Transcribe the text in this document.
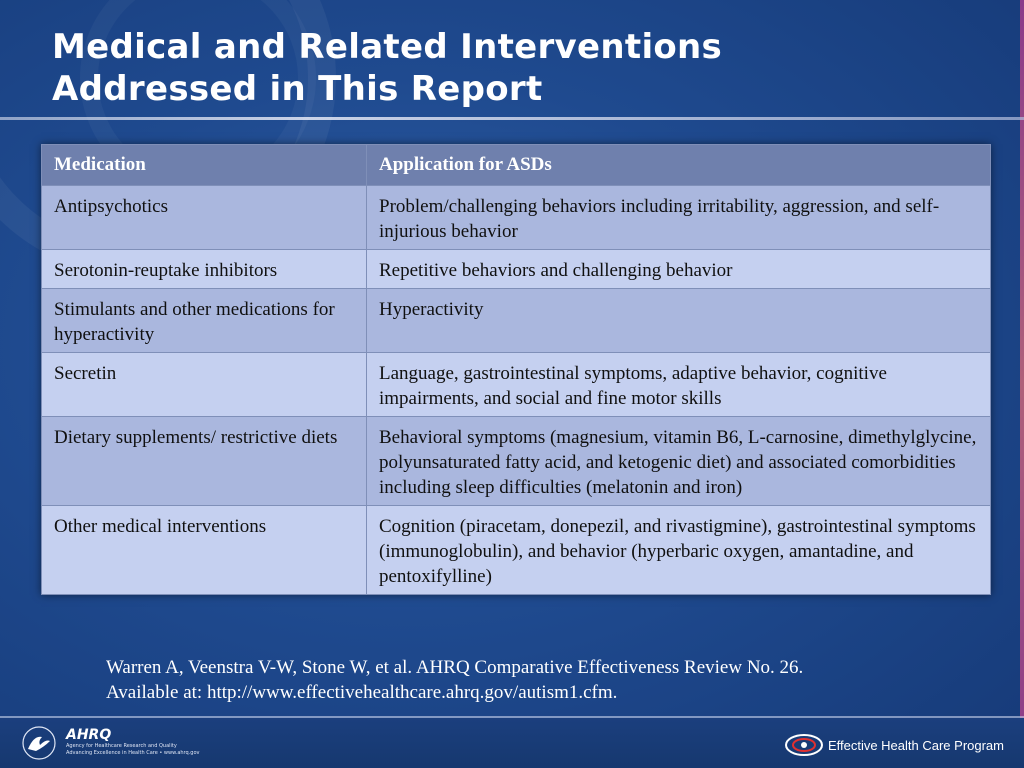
Medical and Related Interventions
Addressed in This Report
Medication	Application for ASDs
Antipsychotics	Problem/challenging behaviors including irritability, aggression, and self-injurious behavior
Serotonin-reuptake inhibitors	Repetitive behaviors and challenging behavior
Stimulants and other medications for hyperactivity	Hyperactivity
Secretin	Language, gastrointestinal symptoms, adaptive behavior, cognitive impairments, and social and fine motor skills
Dietary supplements/ restrictive diets	Behavioral symptoms (magnesium, vitamin B6, L-carnosine, dimethylglycine, polyunsaturated fatty acid, and ketogenic diet) and associated comorbidities including sleep difficulties (melatonin and iron)
Other medical interventions	Cognition (piracetam, donepezil, and rivastigmine), gastrointestinal symptoms (immunoglobulin), and behavior (hyperbaric oxygen, amantadine, and pentoxifylline)
Warren A, Veenstra V-W, Stone W, et al. AHRQ Comparative Effectiveness Review No. 26.
Available at: http://www.effectivehealthcare.ahrq.gov/autism1.cfm.
AHRQ
Agency for Healthcare Research and Quality
Advancing Excellence in Health Care • www.ahrq.gov
Effective Health Care Program
